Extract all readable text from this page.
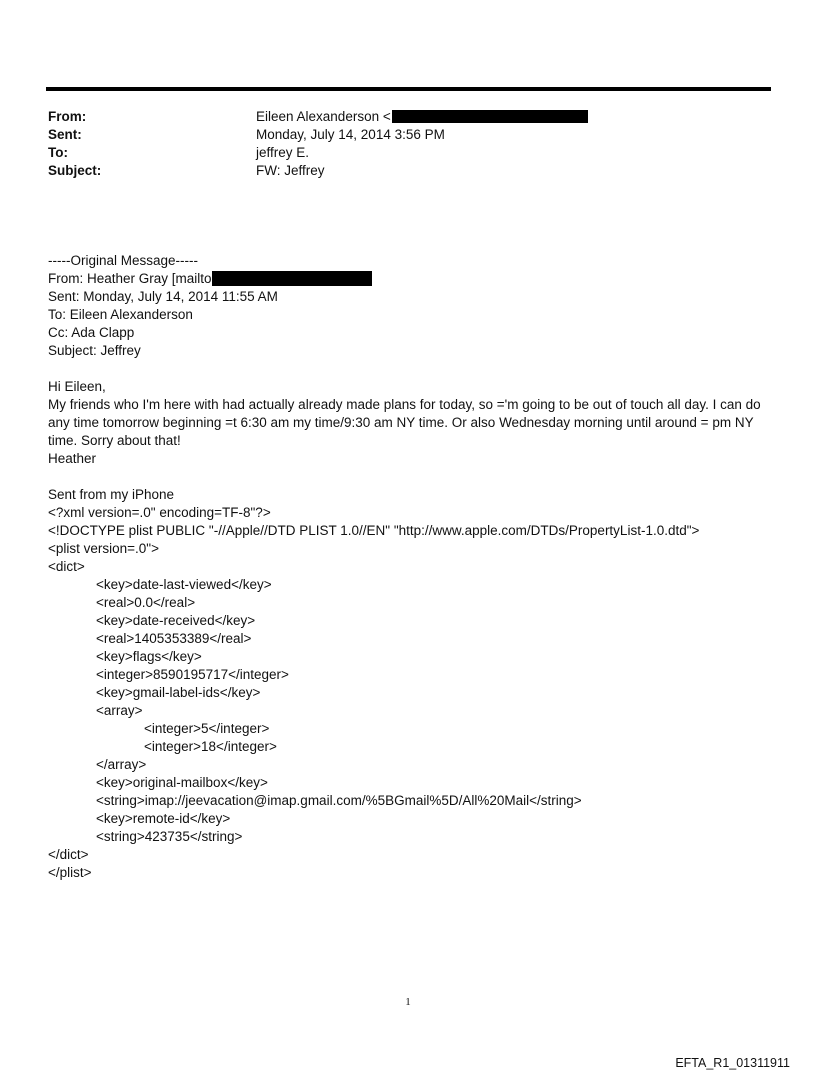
From:	Eileen Alexanderson <
Sent:	Monday, July 14, 2014 3:56 PM
To:	jeffrey E.
Subject:	FW: Jeffrey
-----Original Message-----
From: Heather Gray [mailto
Sent: Monday, July 14, 2014 11:55 AM
To: Eileen Alexanderson
Cc: Ada Clapp
Subject: Jeffrey
Hi Eileen,
My friends who I'm here with had actually already made plans for today, so ='m going to be out of touch all day. I can do any time tomorrow beginning =t 6:30 am my time/9:30 am NY time. Or also Wednesday morning until around = pm NY time. Sorry about that!
Heather
Sent from my iPhone
<?xml version=.0" encoding=TF-8"?>
<!DOCTYPE plist PUBLIC "-//Apple//DTD PLIST 1.0//EN" "http://www.apple.com/DTDs/PropertyList-1.0.dtd">
<plist version=.0">
<dict>
<key>date-last-viewed</key>
<real>0.0</real>
<key>date-received</key>
<real>1405353389</real>
<key>flags</key>
<integer>8590195717</integer>
<key>gmail-label-ids</key>
<array>
<integer>5</integer>
<integer>18</integer>
</array>
<key>original-mailbox</key>
<string>imap://jeevacation@imap.gmail.com/%5BGmail%5D/All%20Mail</string>
<key>remote-id</key>
<string>423735</string>
</dict>
</plist>
1
EFTA_R1_01311911
